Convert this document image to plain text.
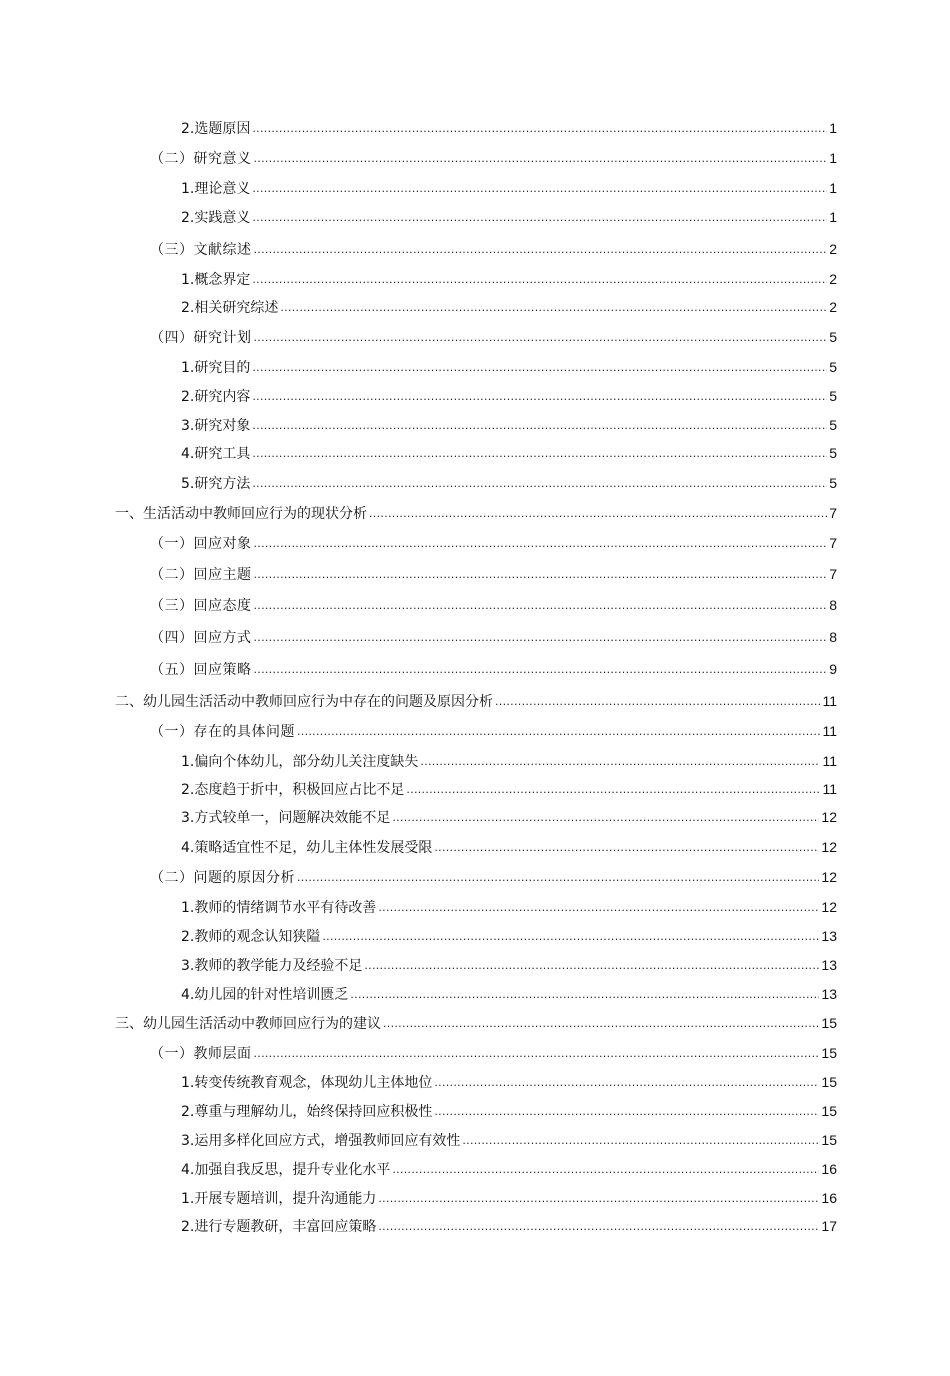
2.选题原因 .....	1
（二）研究意义 .....	1
1.理论意义 .....	1
2.实践意义 .....	1
（三）文献综述 .....	2
1.概念界定 .....	2
2.相关研究综述 .....	2
（四）研究计划 .....	5
1.研究目的 .....	5
2.研究内容 .....	5
3.研究对象 .....	5
4.研究工具 .....	5
5.研究方法 .....	5
一、生活活动中教师回应行为的现状分析 .....	7
（一）回应对象 .....	7
（二）回应主题 .....	7
（三）回应态度 .....	8
（四）回应方式 .....	8
（五）回应策略 .....	9
二、幼儿园生活活动中教师回应行为中存在的问题及原因分析 .....	11
（一）存在的具体问题 .....	11
1.偏向个体幼儿，部分幼儿关注度缺失 .....	11
2.态度趋于折中，积极回应占比不足 .....	11
3.方式较单一，问题解决效能不足 .....	12
4.策略适宜性不足，幼儿主体性发展受限 .....	12
（二）问题的原因分析 .....	12
1.教师的情绪调节水平有待改善 .....	12
2.教师的观念认知狭隘 .....	13
3.教师的教学能力及经验不足 .....	13
4.幼儿园的针对性培训匮乏 .....	13
三、幼儿园生活活动中教师回应行为的建议 .....	15
（一）教师层面 .....	15
1.转变传统教育观念，体现幼儿主体地位 .....	15
2.尊重与理解幼儿，始终保持回应积极性 .....	15
3.运用多样化回应方式，增强教师回应有效性 .....	15
4.加强自我反思，提升专业化水平 .....	16
1.开展专题培训，提升沟通能力 .....	16
2.进行专题教研，丰富回应策略 .....	17
